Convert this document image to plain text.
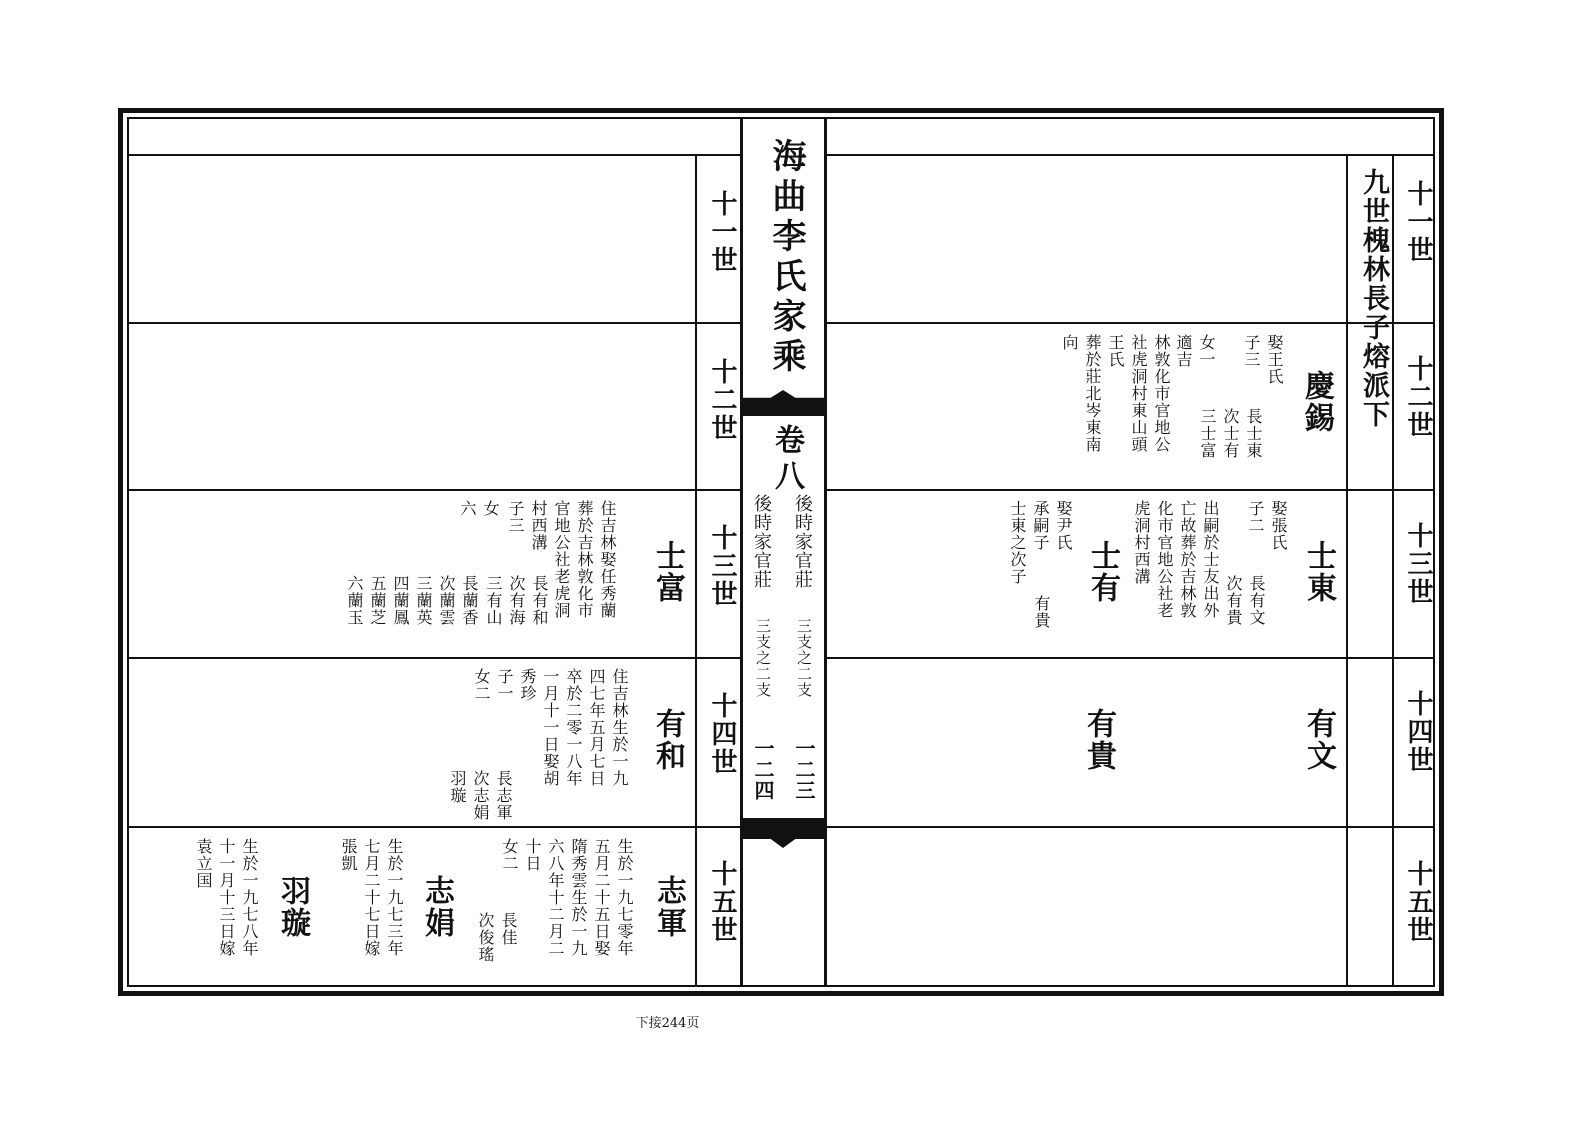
海曲李氏家乘
卷八
後時家官莊
三支之二支
一二三
後時家官莊
三支之二支
一二四
九世槐林長子熔派下
十一世
十二世
十三世
十四世
十五世
十一世
十二世
十三世
十四世
十五世
士富
住吉林娶任秀蘭
葬於吉林敦化市
官地公社老虎洞
村西溝
子三
女
六
長有和
次有海
三有山
長蘭香
次蘭雲
三蘭英
四蘭鳳
五蘭芝
六蘭玉
有和
住吉林生於一九
四七年五月七日
卒於二零一八年
一月十一日娶胡
秀珍
子一
女二
長志軍
次志娟
羽璇
志軍
生於一九七零年
五月二十五日娶
隋秀雲生於一九
六八年十二月二
十日
女二
長佳
次俊瑤
志娟
生於一九七三年
七月二十七日嫁
張凱
羽璇
生於一九七八年
十一月十三日嫁
袁立国
慶錫
娶王氏
子三
長士東
次士有
三士富
女一
適吉
林敦化市官地公
社虎洞村東山頭
王氏
葬於莊北岑東南
向
士東
娶張氏
子二
長有文
次有貴
出嗣於士友出外
亡故葬於吉林敦
化市官地公社老
虎洞村西溝
士有
娶尹氏
承嗣子
士東之次子
有貴
有文
有貴
下接244页
